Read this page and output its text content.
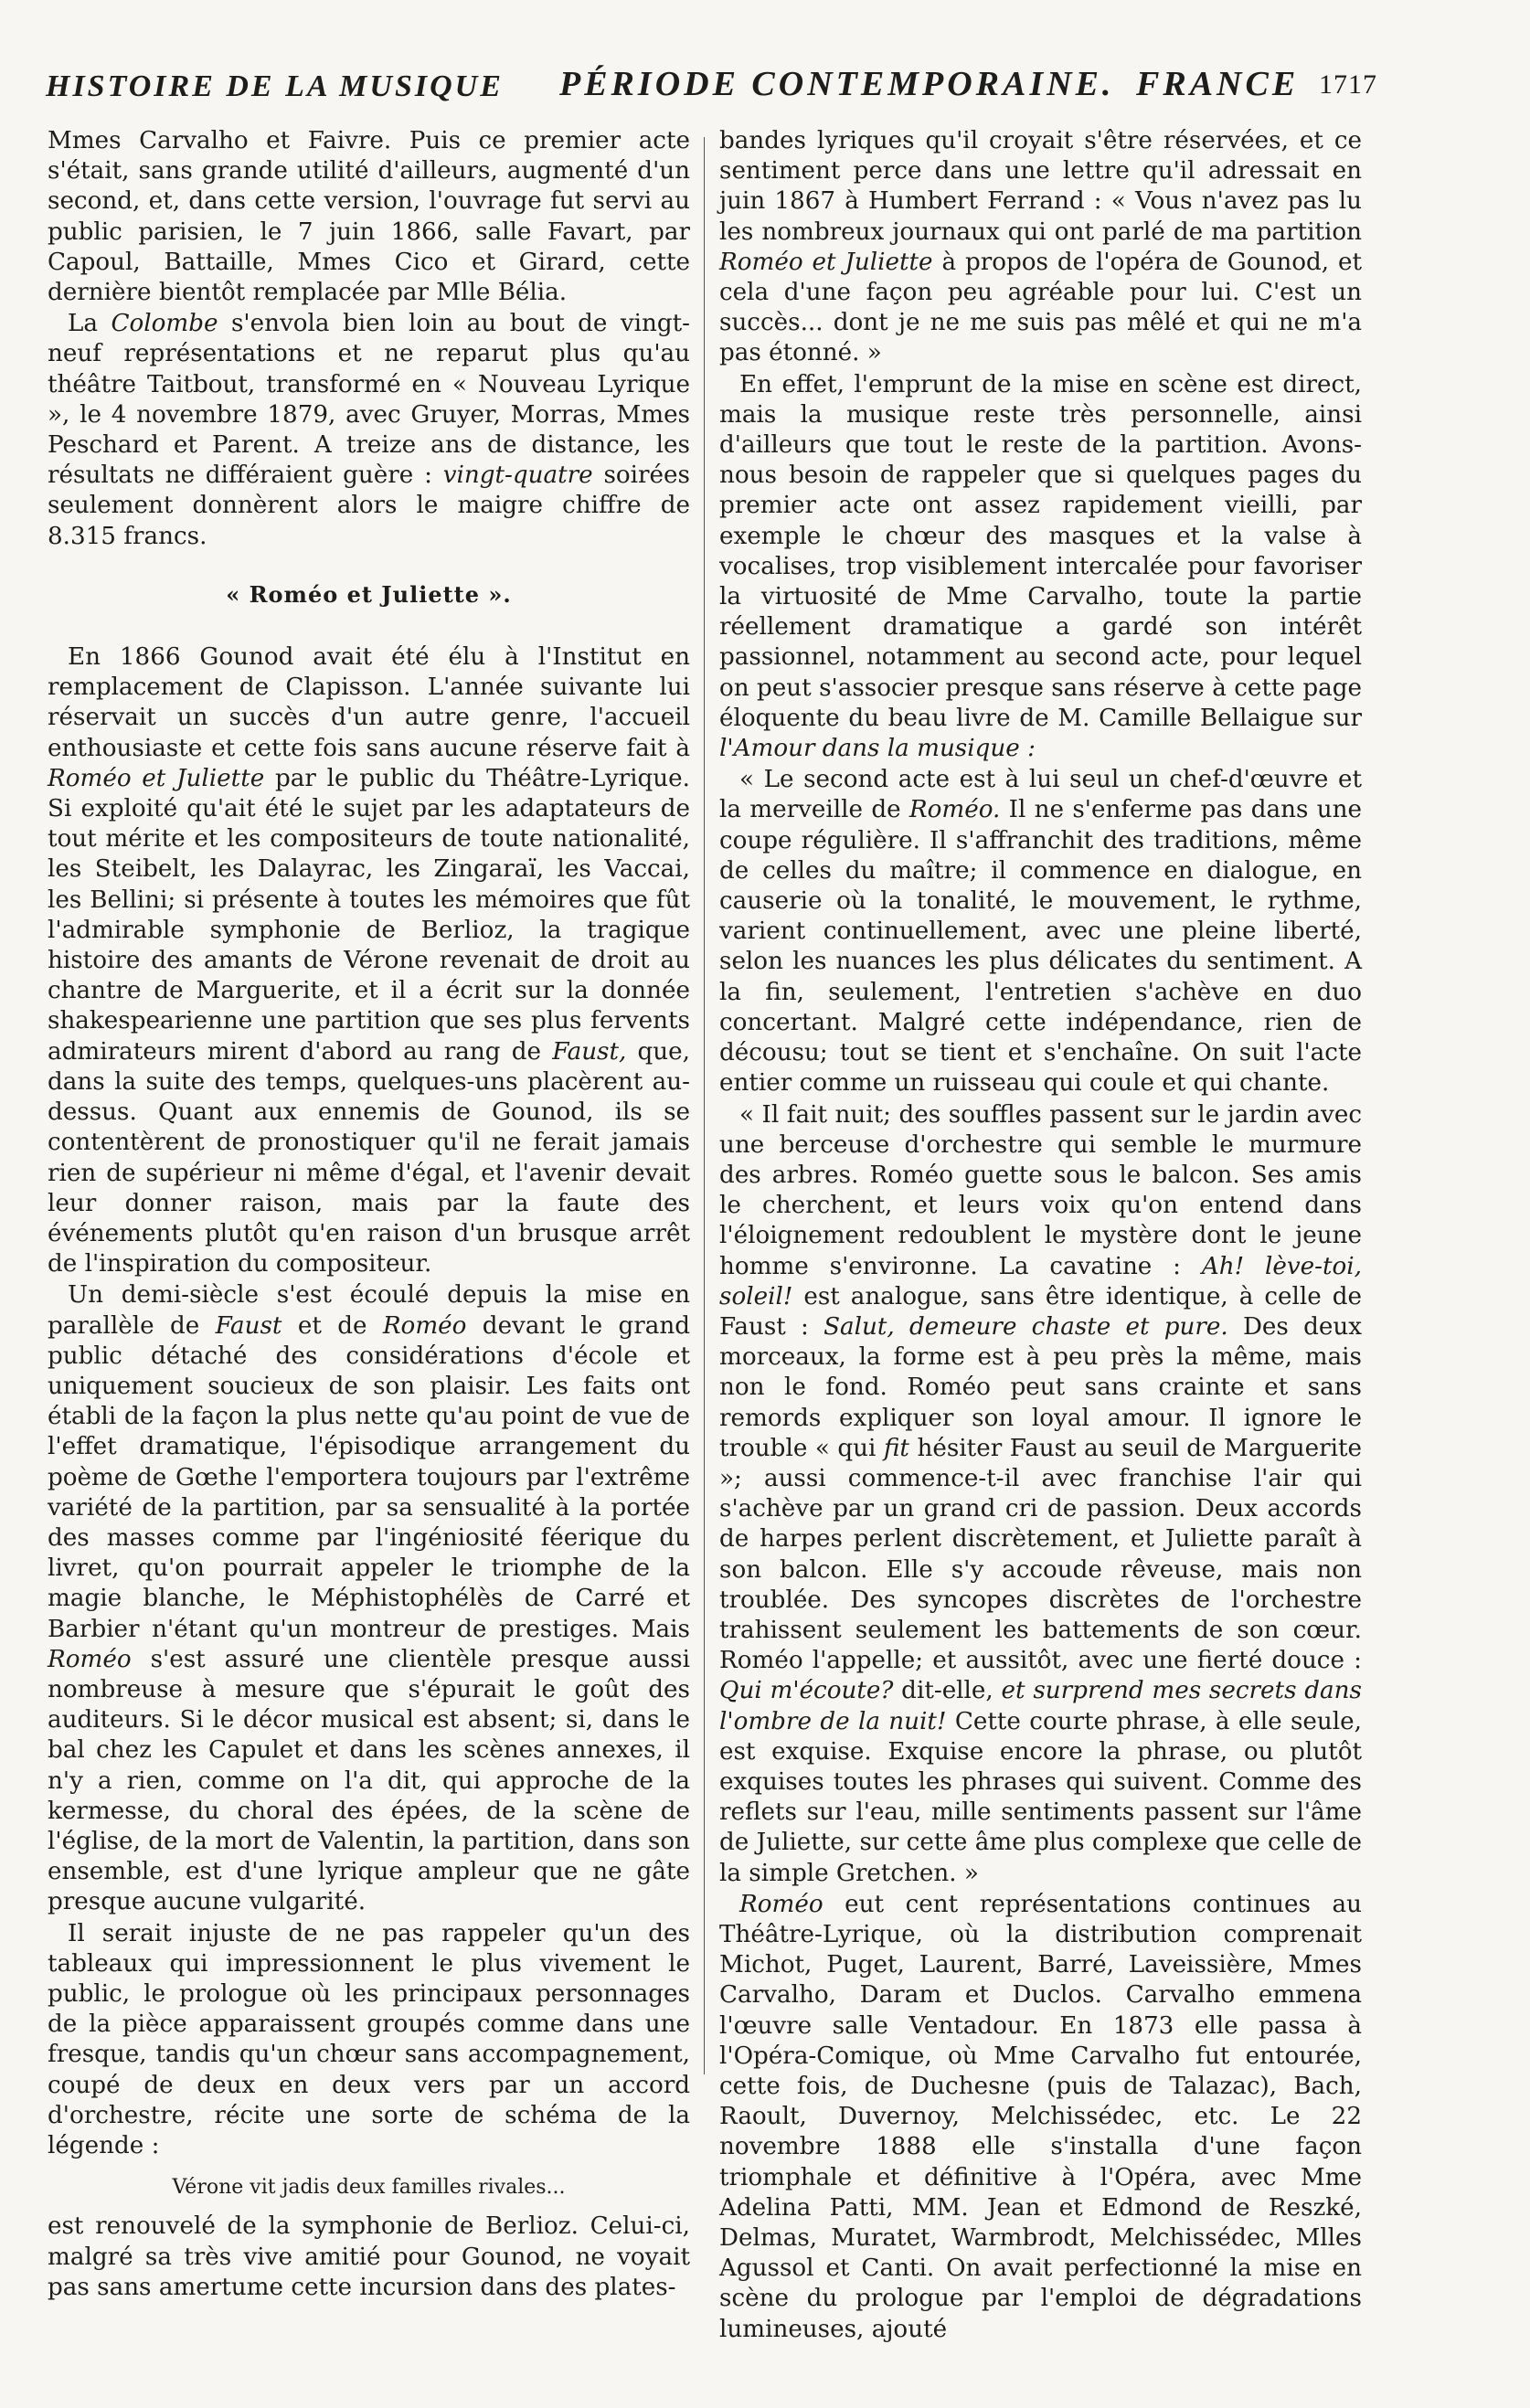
HISTOIRE DE LA MUSIQUE PÉRIODE CONTEMPORAINE. FRANCE 1717

Mmes Carvalho et Faivre. Puis ce premier acte s'était, sans grande utilité d'ailleurs, augmenté d'un second, et, dans cette version, l'ouvrage fut servi au public parisien, le 7 juin 1866, salle Favart, par Capoul, Battaille, Mmes Cico et Girard, cette dernière bientôt remplacée par Mlle Bélia.

La Colombe s'envola bien loin au bout de vingt-neuf représentations et ne reparut plus qu'au théâtre Taitbout, transformé en « Nouveau Lyrique », le 4 novembre 1879, avec Gruyer, Morras, Mmes Peschard et Parent. A treize ans de distance, les résultats ne différaient guère : vingt-quatre soirées seulement donnèrent alors le maigre chiffre de 8.315 francs.

« Roméo et Juliette ».

En 1866 Gounod avait été élu à l'Institut en remplacement de Clapisson. L'année suivante lui réservait un succès d'un autre genre, l'accueil enthousiaste et cette fois sans aucune réserve fait à Roméo et Juliette par le public du Théâtre-Lyrique. Si exploité qu'ait été le sujet par les adaptateurs de tout mérite et les compositeurs de toute nationalité, les Steibelt, les Dalayrac, les Zingaraï, les Vaccai, les Bellini; si présente à toutes les mémoires que fût l'admirable symphonie de Berlioz, la tragique histoire des amants de Vérone revenait de droit au chantre de Marguerite, et il a écrit sur la donnée shakespearienne une partition que ses plus fervents admirateurs mirent d'abord au rang de Faust, que, dans la suite des temps, quelques-uns placèrent au-dessus. Quant aux ennemis de Gounod, ils se contentèrent de pronostiquer qu'il ne ferait jamais rien de supérieur ni même d'égal, et l'avenir devait leur donner raison, mais par la faute des événements plutôt qu'en raison d'un brusque arrêt de l'inspiration du compositeur.

Un demi-siècle s'est écoulé depuis la mise en parallèle de Faust et de Roméo devant le grand public détaché des considérations d'école et uniquement soucieux de son plaisir. Les faits ont établi de la façon la plus nette qu'au point de vue de l'effet dramatique, l'épisodique arrangement du poème de Gœthe l'emportera toujours par l'extrême variété de la partition, par sa sensualité à la portée des masses comme par l'ingéniosité féerique du livret, qu'on pourrait appeler le triomphe de la magie blanche, le Méphistophélès de Carré et Barbier n'étant qu'un montreur de prestiges. Mais Roméo s'est assuré une clientèle presque aussi nombreuse à mesure que s'épurait le goût des auditeurs. Si le décor musical est absent; si, dans le bal chez les Capulet et dans les scènes annexes, il n'y a rien, comme on l'a dit, qui approche de la kermesse, du choral des épées, de la scène de l'église, de la mort de Valentin, la partition, dans son ensemble, est d'une lyrique ampleur que ne gâte presque aucune vulgarité.

Il serait injuste de ne pas rappeler qu'un des tableaux qui impressionnent le plus vivement le public, le prologue où les principaux personnages de la pièce apparaissent groupés comme dans une fresque, tandis qu'un chœur sans accompagnement, coupé de deux en deux vers par un accord d'orchestre, récite une sorte de schéma de la légende :

Vérone vit jadis deux familles rivales...

est renouvelé de la symphonie de Berlioz. Celui-ci, malgré sa très vive amitié pour Gounod, ne voyait pas sans amertume cette incursion dans des plates-

bandes lyriques qu'il croyait s'être réservées, et ce sentiment perce dans une lettre qu'il adressait en juin 1867 à Humbert Ferrand : « Vous n'avez pas lu les nombreux journaux qui ont parlé de ma partition Roméo et Juliette à propos de l'opéra de Gounod, et cela d'une façon peu agréable pour lui. C'est un succès... dont je ne me suis pas mêlé et qui ne m'a pas étonné. »

En effet, l'emprunt de la mise en scène est direct, mais la musique reste très personnelle, ainsi d'ailleurs que tout le reste de la partition. Avons-nous besoin de rappeler que si quelques pages du premier acte ont assez rapidement vieilli, par exemple le chœur des masques et la valse à vocalises, trop visiblement intercalée pour favoriser la virtuosité de Mme Carvalho, toute la partie réellement dramatique a gardé son intérêt passionnel, notamment au second acte, pour lequel on peut s'associer presque sans réserve à cette page éloquente du beau livre de M. Camille Bellaigue sur l'Amour dans la musique :

« Le second acte est à lui seul un chef-d'œuvre et la merveille de Roméo. Il ne s'enferme pas dans une coupe régulière. Il s'affranchit des traditions, même de celles du maître; il commence en dialogue, en causerie où la tonalité, le mouvement, le rythme, varient continuellement, avec une pleine liberté, selon les nuances les plus délicates du sentiment. A la fin, seulement, l'entretien s'achève en duo concertant. Malgré cette indépendance, rien de décousu; tout se tient et s'enchaîne. On suit l'acte entier comme un ruisseau qui coule et qui chante.

« Il fait nuit; des souffles passent sur le jardin avec une berceuse d'orchestre qui semble le murmure des arbres. Roméo guette sous le balcon. Ses amis le cherchent, et leurs voix qu'on entend dans l'éloignement redoublent le mystère dont le jeune homme s'environne. La cavatine : Ah! lève-toi, soleil! est analogue, sans être identique, à celle de Faust : Salut, demeure chaste et pure. Des deux morceaux, la forme est à peu près la même, mais non le fond. Roméo peut sans crainte et sans remords expliquer son loyal amour. Il ignore le trouble « qui fit hésiter Faust au seuil de Marguerite »; aussi commence-t-il avec franchise l'air qui s'achève par un grand cri de passion. Deux accords de harpes perlent discrètement, et Juliette paraît à son balcon. Elle s'y accoude rêveuse, mais non troublée. Des syncopes discrètes de l'orchestre trahissent seulement les battements de son cœur. Roméo l'appelle; et aussitôt, avec une fierté douce : Qui m'écoute? dit-elle, et surprend mes secrets dans l'ombre de la nuit! Cette courte phrase, à elle seule, est exquise. Exquise encore la phrase, ou plutôt exquises toutes les phrases qui suivent. Comme des reflets sur l'eau, mille sentiments passent sur l'âme de Juliette, sur cette âme plus complexe que celle de la simple Gretchen. »

Roméo eut cent représentations continues au Théâtre-Lyrique, où la distribution comprenait Michot, Puget, Laurent, Barré, Laveissière, Mmes Carvalho, Daram et Duclos. Carvalho emmena l'œuvre salle Ventadour. En 1873 elle passa à l'Opéra-Comique, où Mme Carvalho fut entourée, cette fois, de Duchesne (puis de Talazac), Bach, Raoult, Duvernoy, Melchissédec, etc. Le 22 novembre 1888 elle s'installa d'une façon triomphale et définitive à l'Opéra, avec Mme Adelina Patti, MM. Jean et Edmond de Reszké, Delmas, Muratet, Warmbrodt, Melchissédec, Mlles Agussol et Canti. On avait perfectionné la mise en scène du prologue par l'emploi de dégradations lumineuses, ajouté
